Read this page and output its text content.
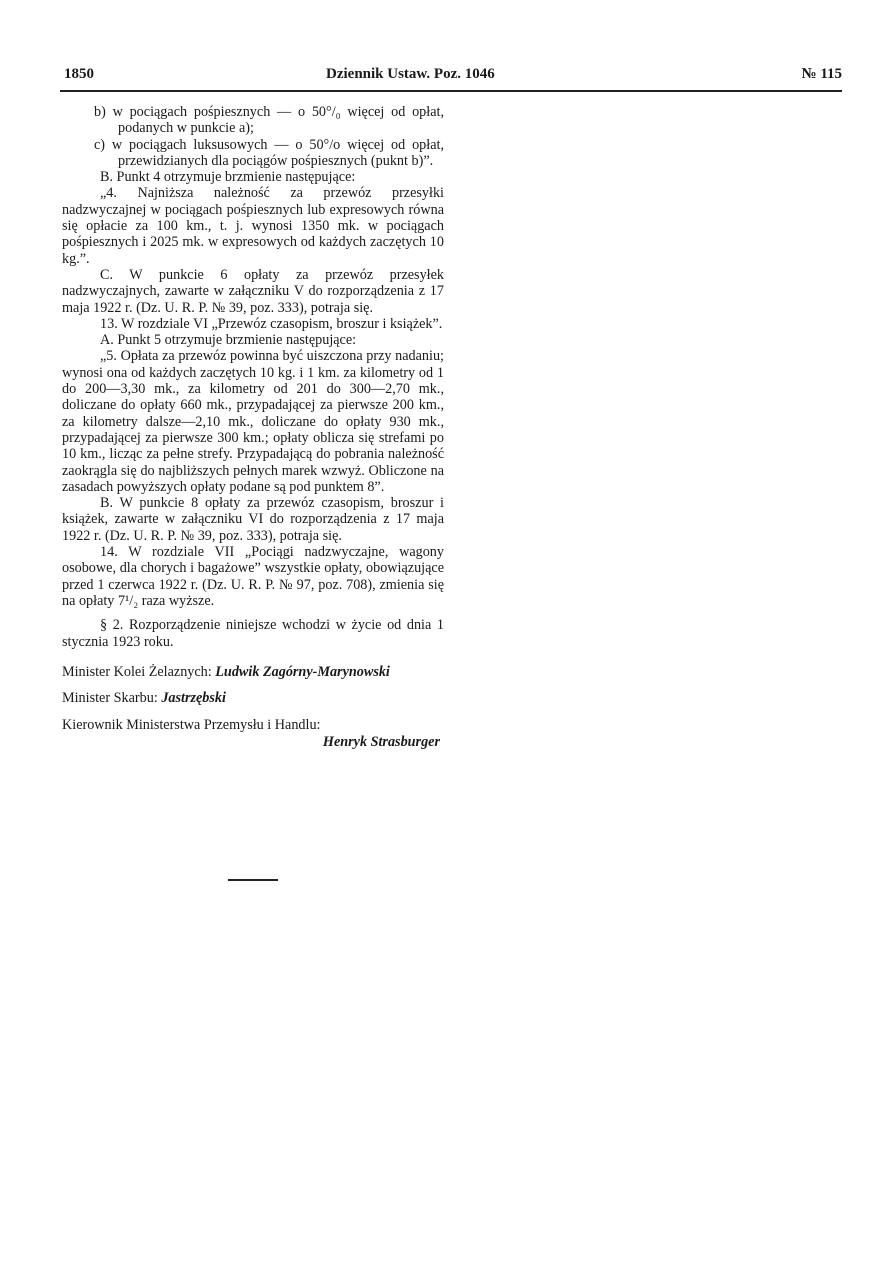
1850	Dziennik Ustaw. Poz. 1046	№ 115

b) w pociągach pośpiesznych — o 50°/₀ więcej od opłat, podanych w punkcie a);

c) w pociągach luksusowych — o 50°/o więcej od opłat, przewidzianych dla pociągów pośpiesznych (puknt b)”.

B. Punkt 4 otrzymuje brzmienie następujące:

„4. Najniższa należność za przewóz przesyłki nadzwyczajnej w pociągach pośpiesznych lub expresowych równa się opłacie za 100 km., t. j. wynosi 1350 mk. w pociągach pośpiesznych i 2025 mk. w expresowych od każdych zaczętych 10 kg.”.

C. W punkcie 6 opłaty za przewóz przesyłek nadzwyczajnych, zawarte w załączniku V do rozporządzenia z 17 maja 1922 r. (Dz. U. R. P. № 39, poz. 333), potraja się.

13. W rozdziale VI „Przewóz czasopism, broszur i książek”.

A. Punkt 5 otrzymuje brzmienie następujące:

„5. Opłata za przewóz powinna być uiszczona przy nadaniu; wynosi ona od każdych zaczętych 10 kg. i 1 km. za kilometry od 1 do 200—3,30 mk., za kilometry od 201 do 300—2,70 mk., doliczane do opłaty 660 mk., przypadającej za pierwsze 200 km., za kilometry dalsze—2,10 mk., doliczane do opłaty 930 mk., przypadającej za pierwsze 300 km.; opłaty oblicza się strefami po 10 km., licząc za pełne strefy. Przypadającą do pobrania należność zaokrągla się do najbliższych pełnych marek wzwyż. Obliczone na zasadach powyższych opłaty podane są pod punktem 8”.

B. W punkcie 8 opłaty za przewóz czasopism, broszur i książek, zawarte w załączniku VI do rozporządzenia z 17 maja 1922 r. (Dz. U. R. P. № 39, poz. 333), potraja się.

14. W rozdziale VII „Pociągi nadzwyczajne, wagony osobowe, dla chorych i bagażowe” wszystkie opłaty, obowiązujące przed 1 czerwca 1922 r. (Dz. U. R. P. № 97, poz. 708), zmienia się na opłaty 7¹/₂ raza wyższe.

§ 2. Rozporządzenie niniejsze wchodzi w życie od dnia 1 stycznia 1923 roku.

Minister Kolei Żelaznych: Ludwik Zagórny-Marynowski

Minister Skarbu: Jastrzębski

Kierownik Ministerstwa Przemysłu i Handlu:

Henryk Strasburger
